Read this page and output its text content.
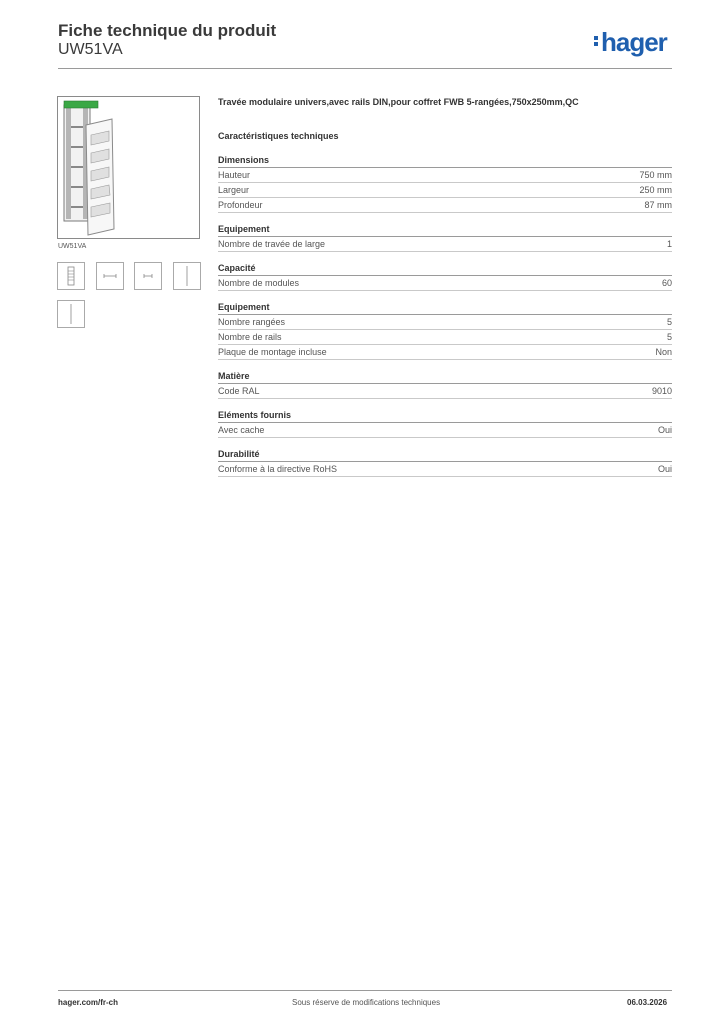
Fiche technique du produit
UW51VA	hager
UW51VA
Travée modulaire univers,avec rails DIN,pour coffret FWB 5-rangées,750x250mm,QC
Caractéristiques techniques
Dimensions
Hauteur	750 mm
Largeur	250 mm
Profondeur	87 mm
Equipement
Nombre de travée de large	1
Capacité
Nombre de modules	60
Equipement
Nombre rangées	5
Nombre de rails	5
Plaque de montage incluse	Non
Matière
Code RAL	9010
Eléments fournis
Avec cache	Oui
Durabilité
Conforme à la directive RoHS	Oui
hager.com/fr-ch	Sous réserve de modifications techniques	06.03.2026
